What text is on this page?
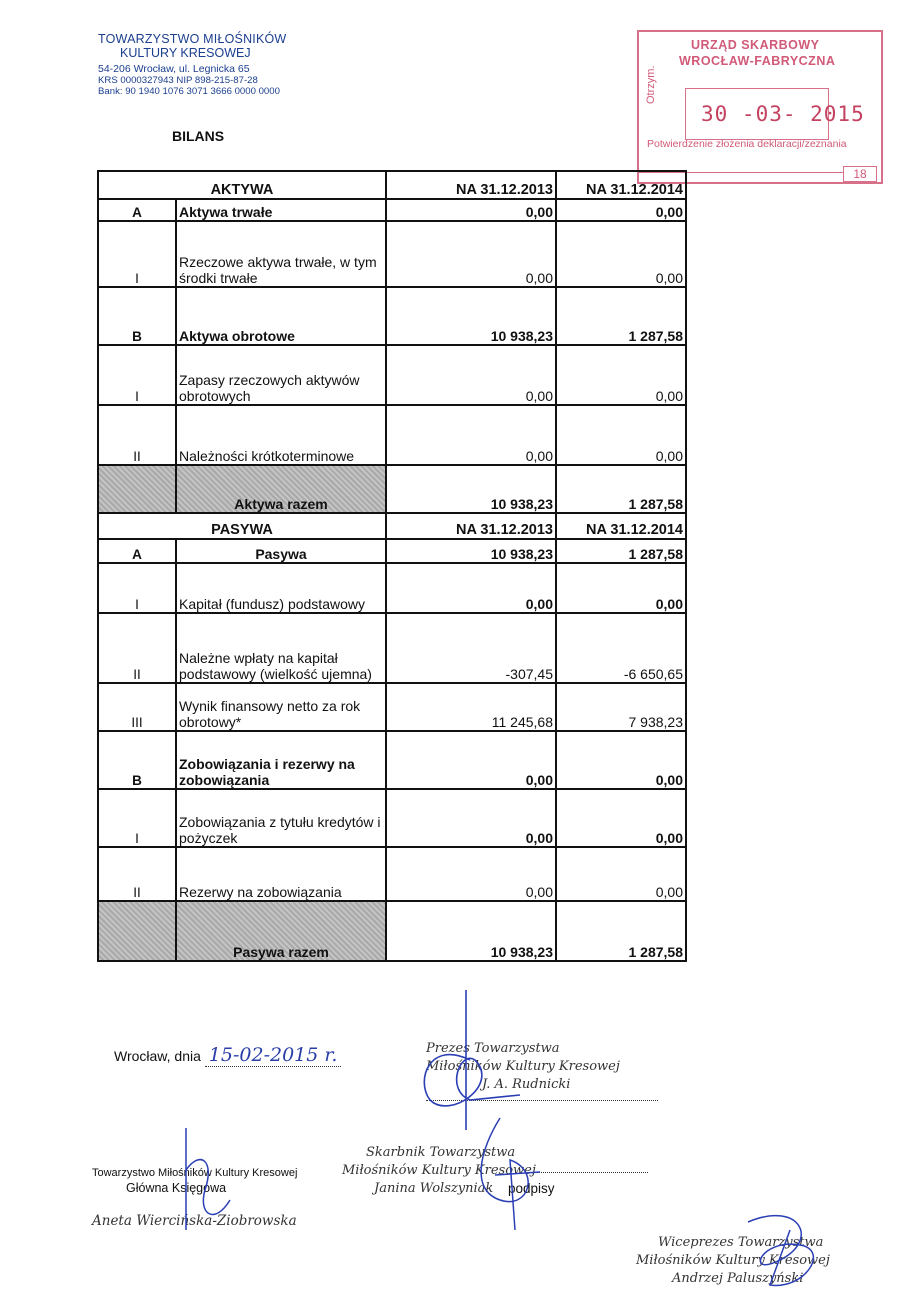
TOWARZYSTWO MIŁOŚNIKÓW
KULTURY KRESOWEJ
54-206 Wrocław, ul. Legnicka 65
KRS 0000327943 NIP 898-215-87-28
Bank: 90 1940 1076 3071 3666 0000 0000
BILANS
URZĄD SKARBOWY
WROCŁAW-FABRYCZNA
Otrzym.
30 -03- 2015
Potwierdzenie złożenia deklaracji/zeznania
18
AKTYWA		NA 31.12.2013	NA 31.12.2014
A	Aktywa trwałe	0,00	0,00
I	Rzeczowe aktywa trwałe, w tym środki trwałe	0,00	0,00
B	Aktywa obrotowe	10 938,23	1 287,58
I	Zapasy rzeczowych aktywów obrotowych	0,00	0,00
II	Należności krótkoterminowe	0,00	0,00
	Aktywa razem	10 938,23	1 287,58
PASYWA		NA 31.12.2013	NA 31.12.2014
A	Pasywa	10 938,23	1 287,58
I	Kapitał (fundusz) podstawowy	0,00	0,00
II	Należne wpłaty na kapitał podstawowy (wielkość ujemna)	-307,45	-6 650,65
III	Wynik finansowy netto za rok obrotowy*	11 245,68	7 938,23
B	Zobowiązania i rezerwy na zobowiązania	0,00	0,00
I	Zobowiązania z tytułu kredytów i pożyczek	0,00	0,00
II	Rezerwy na zobowiązania	0,00	0,00
	Pasywa razem	10 938,23	1 287,58
Wrocław, dnia 15-02-2015 r.	Prezes Towarzystwa
Miłośników Kultury Kresowej
J. A. Rudnicki
Skarbnik Towarzystwa
Miłośników Kultury Kresowej
Janina Wolszyniak	podpisy
Towarzystwo Miłośników Kultury Kresowej
Główna Księgowa
Aneta Wiercińska-Ziobrowska
Wiceprezes Towarzystwa
Miłośników Kultury Kresowej
Andrzej Paluszyński
